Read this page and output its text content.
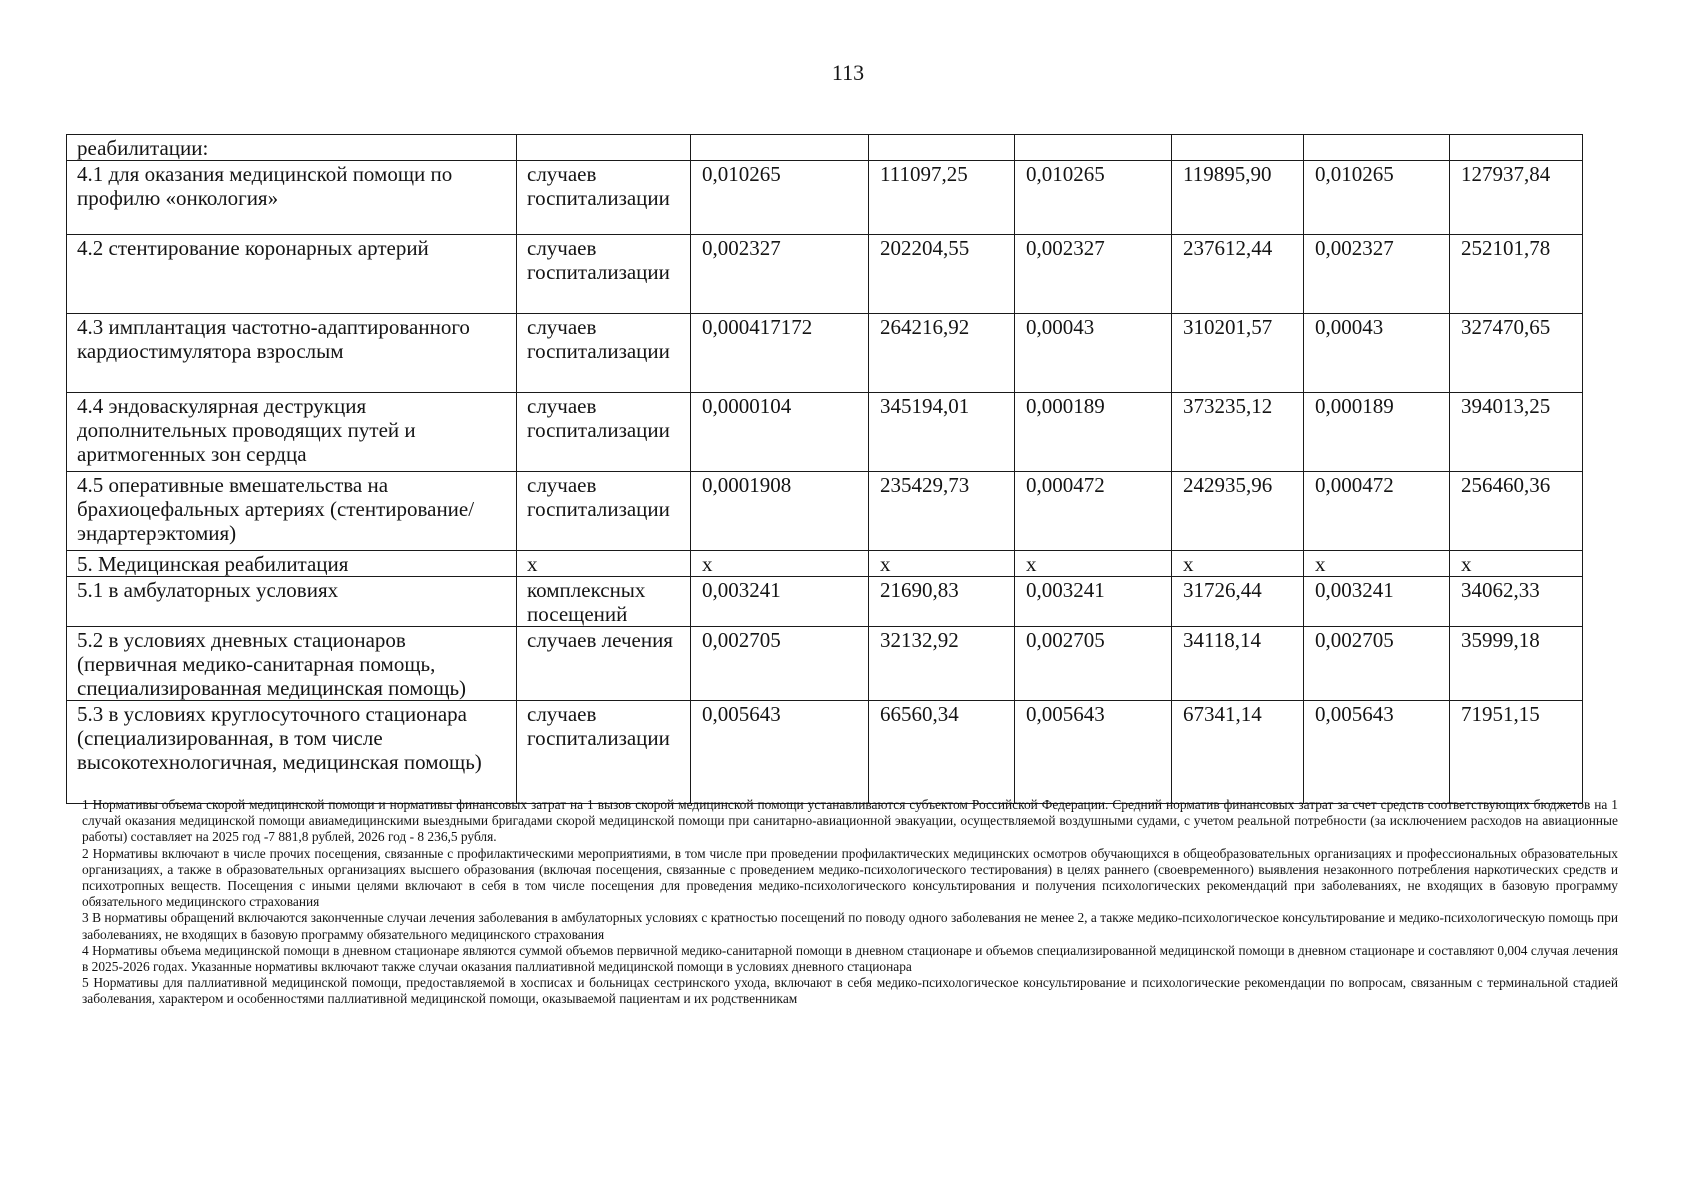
113
реабилитации:							
4.1 для оказания медицинской помощи по профилю «онкология»	случаев госпитализации	0,010265	111097,25	0,010265	119895,90	0,010265	127937,84
4.2 стентирование коронарных артерий	случаев госпитализации	0,002327	202204,55	0,002327	237612,44	0,002327	252101,78
4.3 имплантация частотно-адаптированного кардиостимулятора взрослым	случаев госпитализации	0,000417172	264216,92	0,00043	310201,57	0,00043	327470,65
4.4 эндоваскулярная деструкция дополнительных проводящих путей и аритмогенных зон сердца	случаев госпитализации	0,0000104	345194,01	0,000189	373235,12	0,000189	394013,25
4.5 оперативные вмешательства на брахиоцефальных артериях (стентирование/ эндартерэктомия)	случаев госпитализации	0,0001908	235429,73	0,000472	242935,96	0,000472	256460,36
5. Медицинская реабилитация	x	x	x	x	x	x	x
5.1 в амбулаторных условиях	комплексных посещений	0,003241	21690,83	0,003241	31726,44	0,003241	34062,33
5.2 в условиях дневных стационаров (первичная медико-санитарная помощь, специализированная медицинская помощь)	случаев лечения	0,002705	32132,92	0,002705	34118,14	0,002705	35999,18
5.3 в условиях круглосуточного стационара (специализированная, в том числе высокотехнологичная, медицинская помощь)	случаев госпитализации	0,005643	66560,34	0,005643	67341,14	0,005643	71951,15

1 Нормативы объема скорой медицинской помощи и нормативы финансовых затрат на 1 вызов скорой медицинской помощи устанавливаются субъектом Российской Федерации. Средний норматив финансовых затрат за счет средств соответствующих бюджетов на 1 случай оказания медицинской помощи авиамедицинскими выездными бригадами скорой медицинской помощи при санитарно-авиационной эвакуации, осуществляемой воздушными судами, с учетом реальной потребности (за исключением расходов на авиационные работы) составляет на 2025 год -7 881,8 рублей, 2026 год - 8 236,5 рубля.

2 Нормативы включают в числе прочих посещения, связанные с профилактическими мероприятиями, в том числе при проведении профилактических медицинских осмотров обучающихся в общеобразовательных организациях и профессиональных образовательных организациях, а также в образовательных организациях высшего образования (включая посещения, связанные с проведением медико-психологического тестирования) в целях раннего (своевременного) выявления незаконного потребления наркотических средств и психотропных веществ. Посещения с иными целями включают в себя в том числе посещения для проведения медико-психологического консультирования и получения психологических рекомендаций при заболеваниях, не входящих в базовую программу обязательного медицинского страхования

3 В нормативы обращений включаются законченные случаи лечения заболевания в амбулаторных условиях с кратностью посещений по поводу одного заболевания не менее 2, а также медико-психологическое консультирование и медико-психологическую помощь при заболеваниях, не входящих в базовую программу обязательного медицинского страхования

4 Нормативы объема медицинской помощи в дневном стационаре являются суммой объемов первичной медико-санитарной помощи в дневном стационаре и объемов специализированной медицинской помощи в дневном стационаре и составляют 0,004 случая лечения в 2025-2026 годах. Указанные нормативы включают также случаи оказания паллиативной медицинской помощи в условиях дневного стационара

5 Нормативы для паллиативной медицинской помощи, предоставляемой в хосписах и больницах сестринского ухода, включают в себя медико-психологическое консультирование и психологические рекомендации по вопросам, связанным с терминальной стадией заболевания, характером и особенностями паллиативной медицинской помощи, оказываемой пациентам и их родственникам
